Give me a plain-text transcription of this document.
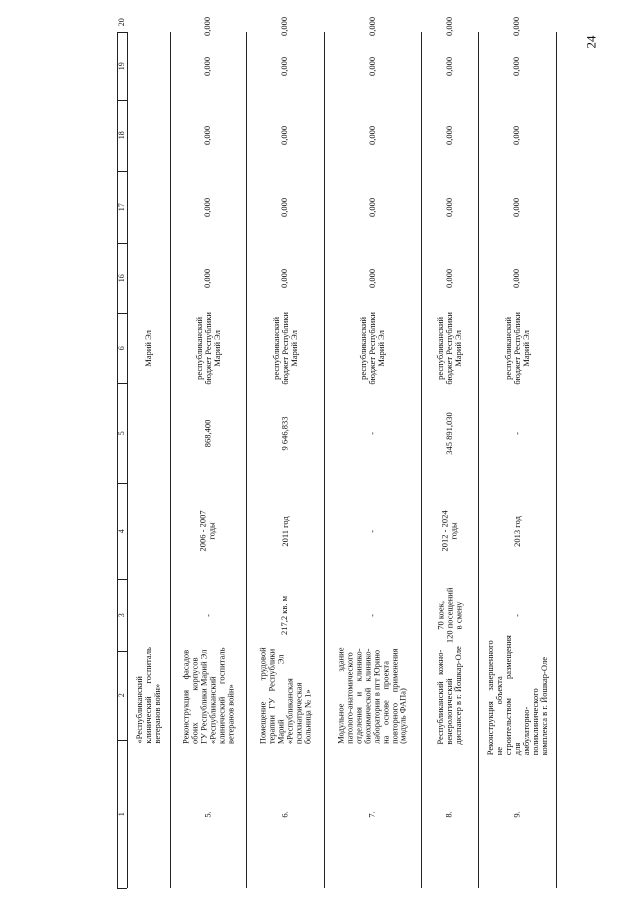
24
1
2
3
4
5
6
16
17
18
19
20
«Республиканский
клинический      госпиталь
ветеранов войн»
Марий Эл
5.
Реконструкция     фасадов
обоих               корпусов
ГУ Республики Марий Эл
«Республиканский
клинический      госпиталь
ветеранов войн»
-
2006 - 2007
годы
868,400
республиканский
бюджет Республики
Марий Эл
0,000
0,000
0,000
0,000
0,000
6.
Помещение          трудовой
терапии   ГУ   Республики
Марий                          Эл
«Республиканская
психиатрическая
больница № 1»
217,2 кв. м
2011 год
9 646,833
республиканский
бюджет Республики
Марий Эл
0,000
0,000
0,000
0,000
0,000
7.
Модульное               здание
патолого-анатомического
отделения     и     клинико-
биохимической   клинико-
лаборатории в пгт Юрино
на     основе     проекта
повторного     применения
(модуль ФАПа)
-
-
-
республиканский
бюджет Республики
Марий Эл
0,000
0,000
0,000
0,000
0,000
8.
Республиканский   кожно-
венерологический
диспансер в г. Йошкар-Оле
70 коек,
120 посещений
в смену
2012 - 2024
годы
345 891,030
республиканский
бюджет Республики
Марий Эл
0,000
0,000
0,000
0,000
0,000
9.
Реконструкция     завершенного
не                    объекта
строительством         размещения
для
амбулаторно-
поликлинического
комплекса в г. Йошкар-Оле
-
2013 год
-
республиканский
бюджет Республики
Марий Эл
0,000
0,000
0,000
0,000
0,000
